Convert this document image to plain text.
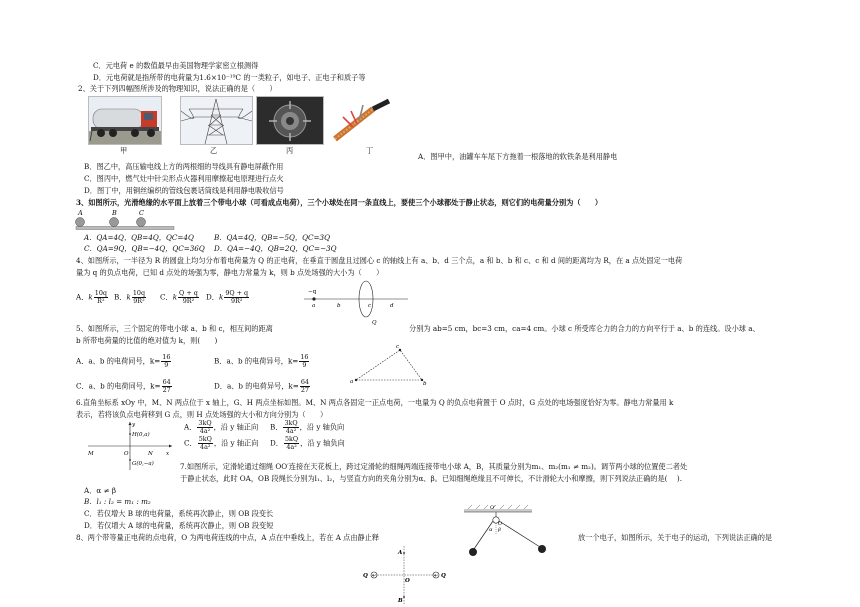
C．元电荷 e 的数值最早由美国物理学家密立根测得
D．元电荷就是指所带的电荷量为1.6×10⁻¹⁹C 的一类粒子，如电子、正电子和质子等
2、关于下列四幅图所涉及的物理知识，说法正确的是（　　）
甲	乙	丙	丁
A．图甲中，油罐车车尾下方拖着一根落地的软铁条是利用静电
B．图乙中，高压输电线上方的两根细的导线具有静电屏蔽作用
C．图丙中，燃气灶中针尖形点火器利用摩擦起电原理进行点火
D．图丁中，用铜丝编织的管线包裹话筒线是利用静电吸收信号
3、如图所示，光滑绝缘的水平面上放着三个带电小球（可看成点电荷），三个小球处在同一条直线上，要使三个小球都处于静止状态，则它们的电荷量分别为（　　）
A	B	C
A．QA=4Q，QB=4Q，QC=4Q	B．QA=4Q，QB=−5Q，QC=3Q
C．QA=9Q，QB=−4Q，QC=36Q D．QA=−4Q，QB=2Q，QC=−3Q
4、如图所示，一半径为 R 的圆盘上均匀分布着电荷量为 Q 的正电荷，在垂直于圆盘且过圆心 c 的轴线上有 a、b、d 三个点，a 和 b、b 和 c、c 和 d 间的距离均为 R，在 a 点处固定一电荷
量为 q 的负点电荷，已知 d 点处的场强为零，静电力常量为 k，则 b 点处场强的大小为（　　）
A．k $\frac{10q}{\text{R²}}$ B．k $\frac{10q}{\text{9R²}}$ C．k $\frac{Q + q}{\text{9R²}}$ D．k $\frac{9Q + q}{\text{9R²}}$	−q
a	b	c	d
Q
5、如图所示，三个固定的带电小球 a、b 和 c，相互间的距离	分别为 ab=5 cm，bc=3 cm，ca=4 cm。小球 c 所受库仑力的合力的方向平行于 a、b 的连线。设小球 a、
b 所带电荷量的比值的绝对值为 k，则(　　)
A．a、b 的电荷同号，$k= \frac{16}{9}$	B．a、b 的电荷异号，$k= \frac{16}{9}$
C．a、b 的电荷同号，$k= \frac{64}{27}$	D．a、b 的电荷异号，$k= \frac{64}{27}$	a	b
c
6.直角坐标系 xOy 中，M、N 两点位于 x 轴上，G、H 两点坐标如图。M、N 两点各固定一正点电荷，一电量为 Q 的负点电荷置于 O 点时，G 点处的电场强度恰好为零。静电力常量用 k
表示，若将该负点电荷移到 G 点，则 H 点处场强的大小和方向分别为（　　）
A． $\frac{3kQ}{\text{4a²}}$ ，沿 y 轴正向 B． $\frac{3kQ}{\text{4a²}}$ ，沿 y 轴负向
C． $\frac{5kQ}{\text{4a²}}$ ，沿 y 轴正向 D． $\frac{5kQ}{\text{4a²}}$ ，沿 y 轴负向
y
H(0,a)
M	O	N x
G(0,−a)	7.如图所示，定滑轮通过细绳 OO′连接在天花板上，跨过定滑轮的细绳两端连接带电小球 A，B，其质量分别为m₁、m₂(m₁ ≠ m₂)。调节两小球的位置使二者处
于静止状态，此时 OA，OB 段绳长分别为l₁、l₂，与竖直方向的夹角分别为α、β。已知细绳绝缘且不可伸长，不计滑轮大小和摩擦，则下列说法正确的是( 　).
A．α ≠ β
B．l₁ : l₂ = m₁ : m₂
C．若仅增大 B 球的电荷量，系统再次静止，则 OB 段变长
D．若仅增大 A 球的电荷量，系统再次静止，则 OB 段变短
O′
O
α β
8、两个带等量正电荷的点电荷，O 为两电荷连线的中点，A 点在中垂线上，若在 A 点由静止释	放一个电子，如图所示，关于电子的运动，下列说法正确的是
A
Q +
O
+ Q
B
